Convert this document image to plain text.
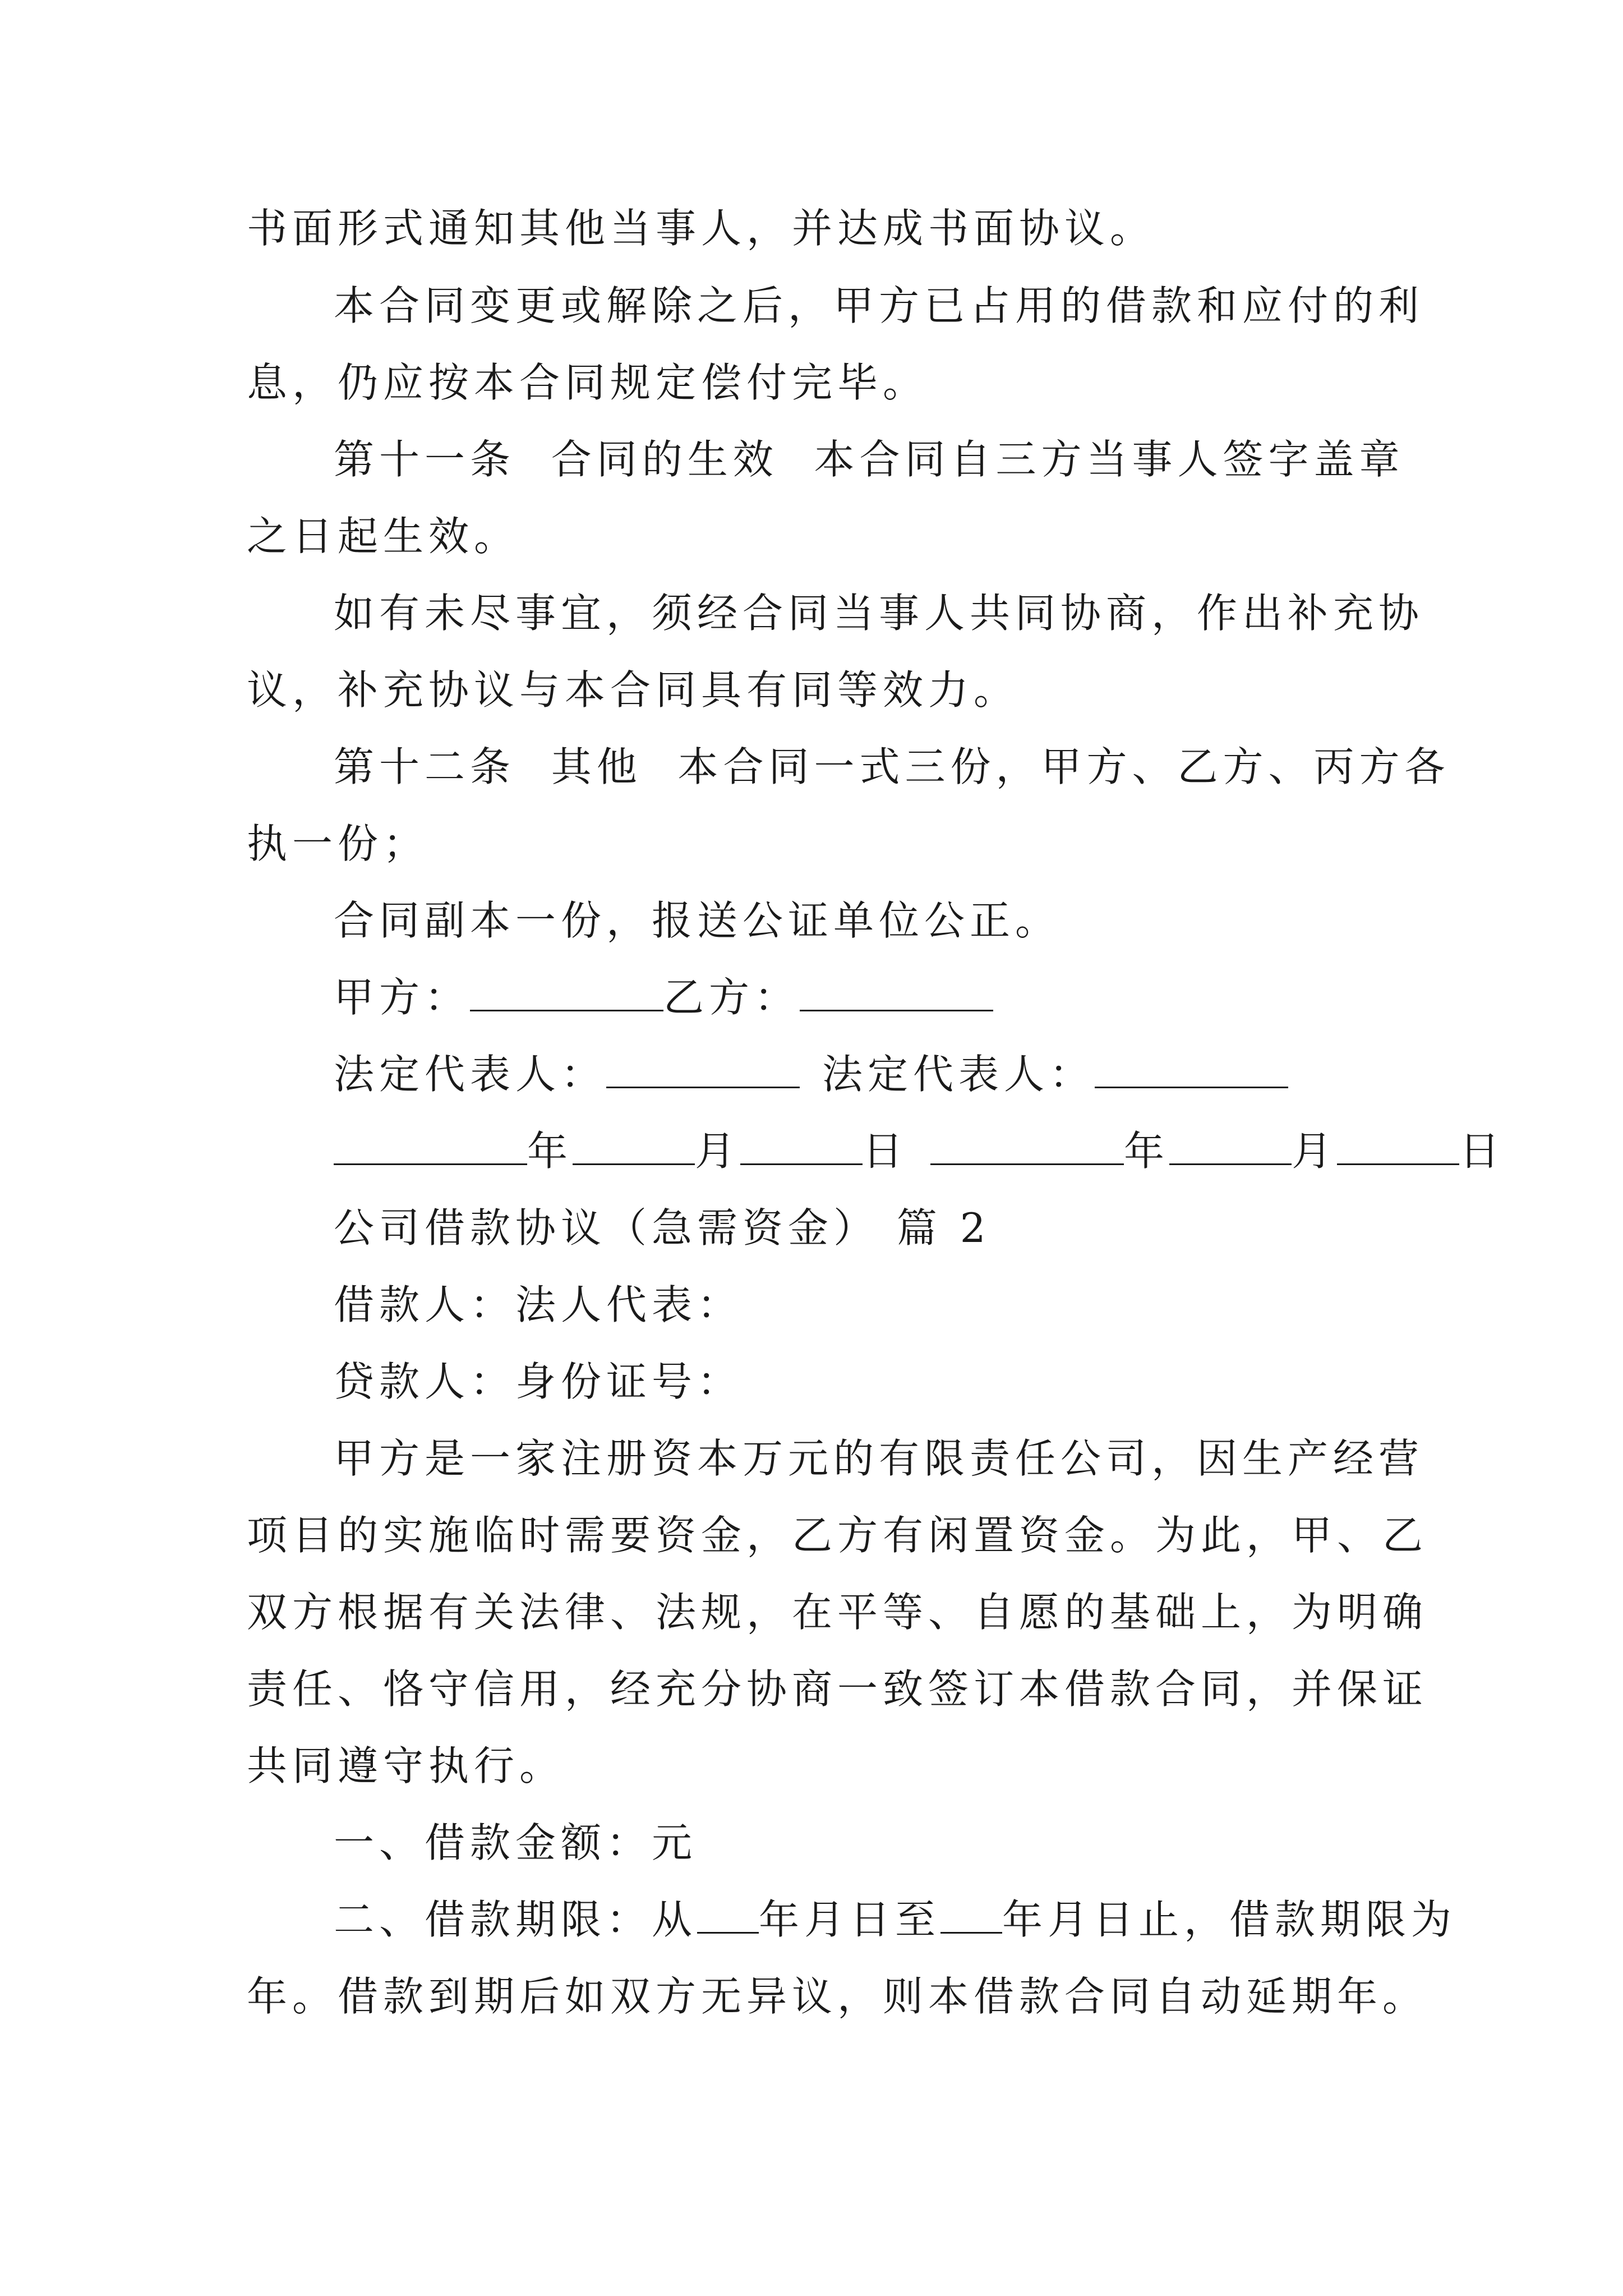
书面形式通知其他当事人，并达成书面协议。
本合同变更或解除之后，甲方已占用的借款和应付的利
息，仍应按本合同规定偿付完毕。
第十一条  合同的生效  本合同自三方当事人签字盖章
之日起生效。
如有未尽事宜，须经合同当事人共同协商，作出补充协
议，补充协议与本合同具有同等效力。
第十二条  其他  本合同一式三份，甲方、乙方、丙方各
执一份；
合同副本一份，报送公证单位公正。
甲方：	乙方：
法定代表人：	法定代表人：
年	月	日	年	月	日
公司借款协议（急需资金） 篇 2
借款人：法人代表：
贷款人：身份证号：
甲方是一家注册资本万元的有限责任公司，因生产经营
项目的实施临时需要资金，乙方有闲置资金。为此，甲、乙
双方根据有关法律、法规，在平等、自愿的基础上，为明确
责任、恪守信用，经充分协商一致签订本借款合同，并保证
共同遵守执行。
一、借款金额：元
二、借款期限：从 年月日至 年月日止，借款期限为
年。借款到期后如双方无异议，则本借款合同自动延期年。
